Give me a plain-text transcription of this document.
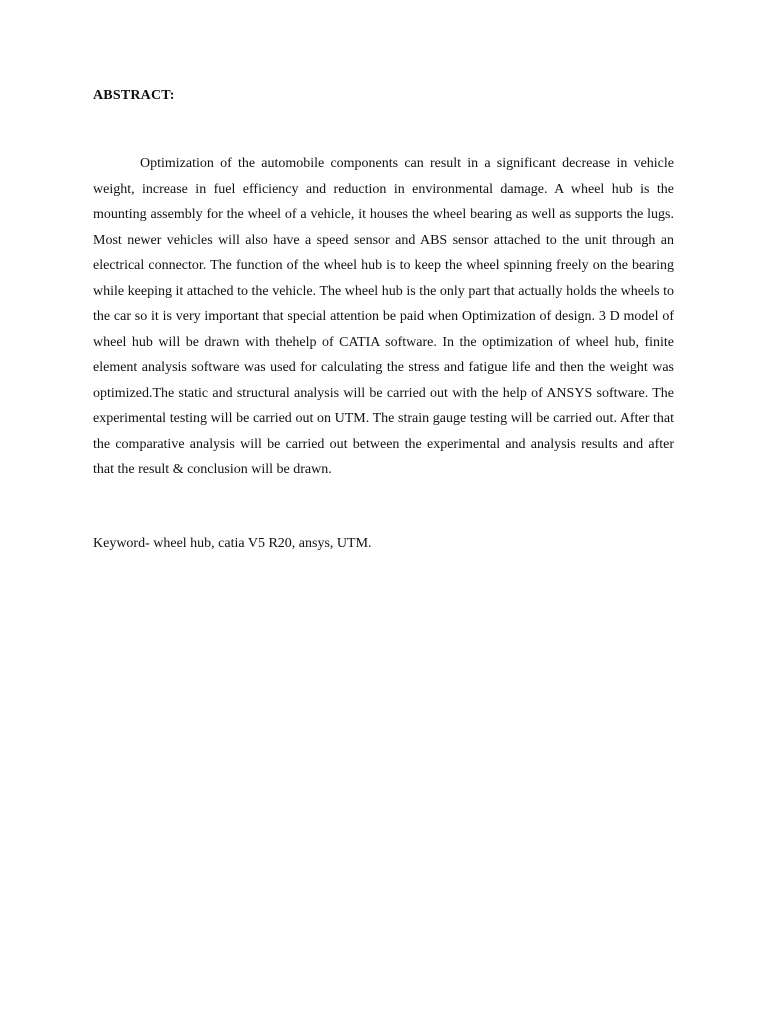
ABSTRACT:

Optimization of the automobile components can result in a significant decrease in vehicle weight, increase in fuel efficiency and reduction in environmental damage. A wheel hub is the mounting assembly for the wheel of a vehicle, it houses the wheel bearing as well as supports the lugs. Most newer vehicles will also have a speed sensor and ABS sensor attached to the unit through an electrical connector. The function of the wheel hub is to keep the wheel spinning freely on the bearing while keeping it attached to the vehicle. The wheel hub is the only part that actually holds the wheels to the car so it is very important that special attention be paid when Optimization of design. 3 D model of wheel hub will be drawn with thehelp of CATIA software. In the optimization of wheel hub, finite element analysis software was used for calculating the stress and fatigue life and then the weight was optimized.The static and structural analysis will be carried out with the help of ANSYS software. The experimental testing will be carried out on UTM. The strain gauge testing will be carried out. After that the comparative analysis will be carried out between the experimental and analysis results and after that the result & conclusion will be drawn.

Keyword- wheel hub, catia V5 R20, ansys, UTM.
